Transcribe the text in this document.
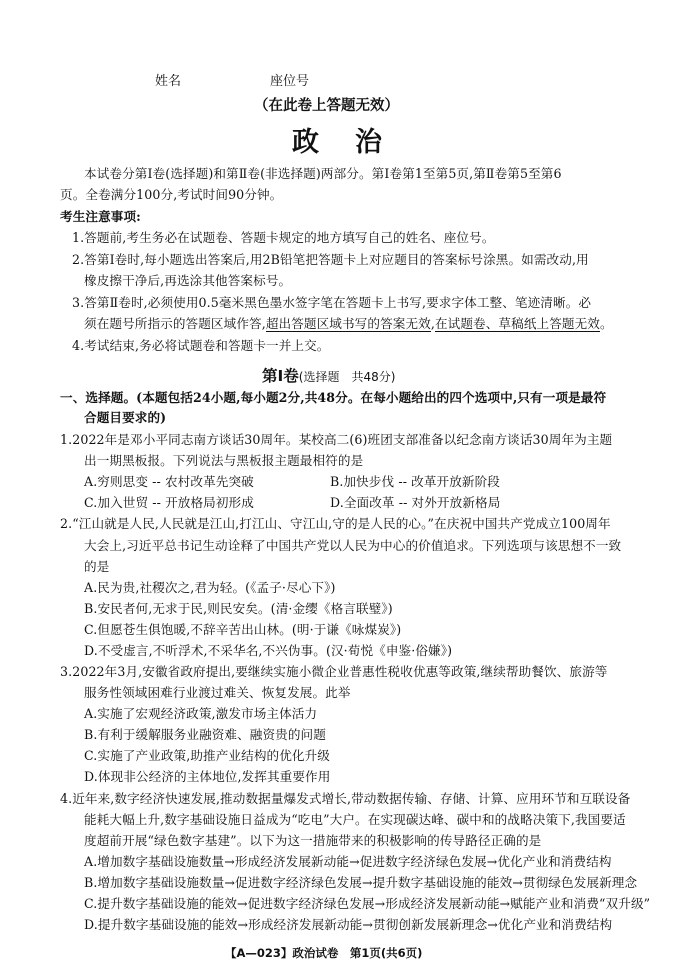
姓名	座位号
（在此卷上答题无效）
政治
本试卷分第Ⅰ卷(选择题)和第Ⅱ卷(非选择题)两部分。第Ⅰ卷第1至第5页,第Ⅱ卷第5至第6
页。全卷满分100分,考试时间90分钟。
考生注意事项:
1.答题前,考生务必在试题卷、答题卡规定的地方填写自己的姓名、座位号。
2.答第Ⅰ卷时,每小题选出答案后,用2B铅笔把答题卡上对应题目的答案标号涂黑。如需改动,用
橡皮擦干净后,再选涂其他答案标号。
3.答第Ⅱ卷时,必须使用0.5毫米黑色墨水签字笔在答题卡上书写,要求字体工整、笔迹清晰。必
须在题号所指示的答题区域作答,超出答题区域书写的答案无效,在试题卷、草稿纸上答题无效。
4.考试结束,务必将试题卷和答题卡一并上交。
第Ⅰ卷(选择题　共48分)
一、选择题。(本题包括24小题,每小题2分,共48分。在每小题给出的四个选项中,只有一项是最符
合题目要求的)
1.2022年是邓小平同志南方谈话30周年。某校高二(6)班团支部准备以纪念南方谈话30周年为主题
出一期黑板报。下列说法与黑板报主题最相符的是
A.穷则思变 -- 农村改革先突破	B.加快步伐 -- 改革开放新阶段
C.加入世贸 -- 开放格局初形成	D.全面改革 -- 对外开放新格局
2.“江山就是人民,人民就是江山,打江山、守江山,守的是人民的心。”在庆祝中国共产党成立100周年
大会上,习近平总书记生动诠释了中国共产党以人民为中心的价值追求。下列选项与该思想不一致
的是
A.民为贵,社稷次之,君为轻。(《孟子·尽心下》)
B.安民者何,无求于民,则民安矣。(清·金缨《格言联璧》)
C.但愿苍生俱饱暖,不辞辛苦出山林。(明·于谦《咏煤炭》)
D.不受虚言,不听浮术,不采华名,不兴伪事。(汉·荀悦《申鉴·俗嫌》)
3.2022年3月,安徽省政府提出,要继续实施小微企业普惠性税收优惠等政策,继续帮助餐饮、旅游等
服务性领域困难行业渡过难关、恢复发展。此举
A.实施了宏观经济政策,激发市场主体活力
B.有利于缓解服务业融资难、融资贵的问题
C.实施了产业政策,助推产业结构的优化升级
D.体现非公经济的主体地位,发挥其重要作用
4.近年来,数字经济快速发展,推动数据量爆发式增长,带动数据传输、存储、计算、应用环节和互联设备
能耗大幅上升,数字基础设施日益成为“吃电”大户。在实现碳达峰、碳中和的战略决策下,我国要适
度超前开展“绿色数字基建”。以下为这一措施带来的积极影响的传导路径正确的是
A.增加数字基础设施数量→形成经济发展新动能→促进数字经济绿色发展→优化产业和消费结构
B.增加数字基础设施数量→促进数字经济绿色发展→提升数字基础设施的能效→贯彻绿色发展新理念
C.提升数字基础设施的能效→促进数字经济绿色发展→形成经济发展新动能→赋能产业和消费“双升级”
D.提升数字基础设施的能效→形成经济发展新动能→贯彻创新发展新理念→优化产业和消费结构
【A—023】政治试卷　第1页(共6页)
